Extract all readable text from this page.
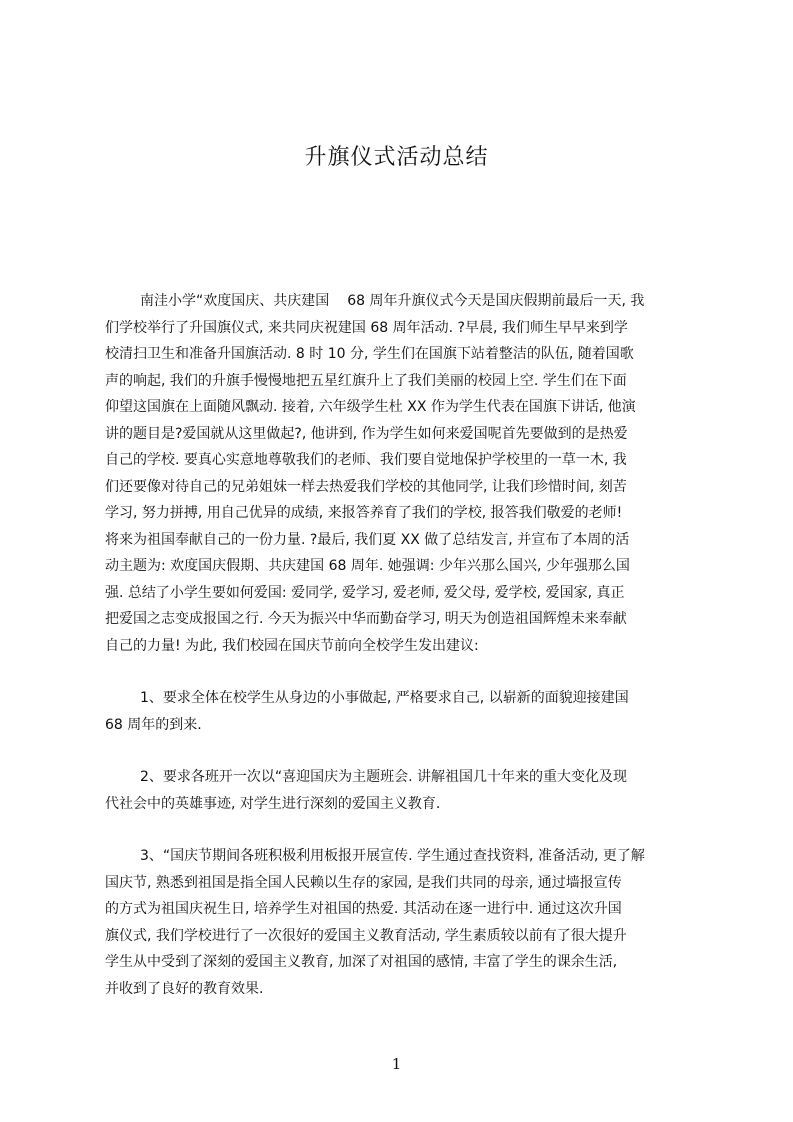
升旗仪式活动总结
南洼小学“欢度国庆、共庆建国 68 周年升旗仪式今天是国庆假期前最后一天, 我
们学校举行了升国旗仪式, 来共同庆祝建国 68 周年活动. ?早晨, 我们师生早早来到学
校清扫卫生和准备升国旗活动. 8 时 10 分, 学生们在国旗下站着整洁的队伍, 随着国歌
声的响起, 我们的升旗手慢慢地把五星红旗升上了我们美丽的校园上空. 学生们在下面
仰望这国旗在上面随风飘动. 接着, 六年级学生杜 XX 作为学生代表在国旗下讲话, 他演
讲的题目是?爱国就从这里做起?, 他讲到, 作为学生如何来爱国呢首先要做到的是热爱
自己的学校. 要真心实意地尊敬我们的老师、我们要自觉地保护学校里的一草一木, 我
们还要像对待自己的兄弟姐妹一样去热爱我们学校的其他同学, 让我们珍惜时间, 刻苦
学习, 努力拼搏, 用自己优异的成绩, 来报答养育了我们的学校, 报答我们敬爱的老师!
将来为祖国奉献自己的一份力量. ?最后, 我们夏 XX 做了总结发言, 并宣布了本周的活
动主题为: 欢度国庆假期、共庆建国 68 周年. 她强调: 少年兴那么国兴, 少年强那么国
强. 总结了小学生要如何爱国: 爱同学, 爱学习, 爱老师, 爱父母, 爱学校, 爱国家, 真正
把爱国之志变成报国之行. 今天为振兴中华而勤奋学习, 明天为创造祖国辉煌未来奉献
自己的力量! 为此, 我们校园在国庆节前向全校学生发出建议:
1、要求全体在校学生从身边的小事做起, 严格要求自己, 以崭新的面貌迎接建国
68 周年的到来.
2、要求各班开一次以“喜迎国庆为主题班会. 讲解祖国几十年来的重大变化及现
代社会中的英雄事迹, 对学生进行深刻的爱国主义教育.
3、“国庆节期间各班积极利用板报开展宣传. 学生通过查找资料, 准备活动, 更了解
国庆节, 熟悉到祖国是指全国人民赖以生存的家园, 是我们共同的母亲, 通过墙报宣传
的方式为祖国庆祝生日, 培养学生对祖国的热爱. 其活动在逐一进行中. 通过这次升国
旗仪式, 我们学校进行了一次很好的爱国主义教育活动, 学生素质较以前有了很大提升
学生从中受到了深刻的爱国主义教育, 加深了对祖国的感情, 丰富了学生的课余生活,
并收到了良好的教育效果.
1
